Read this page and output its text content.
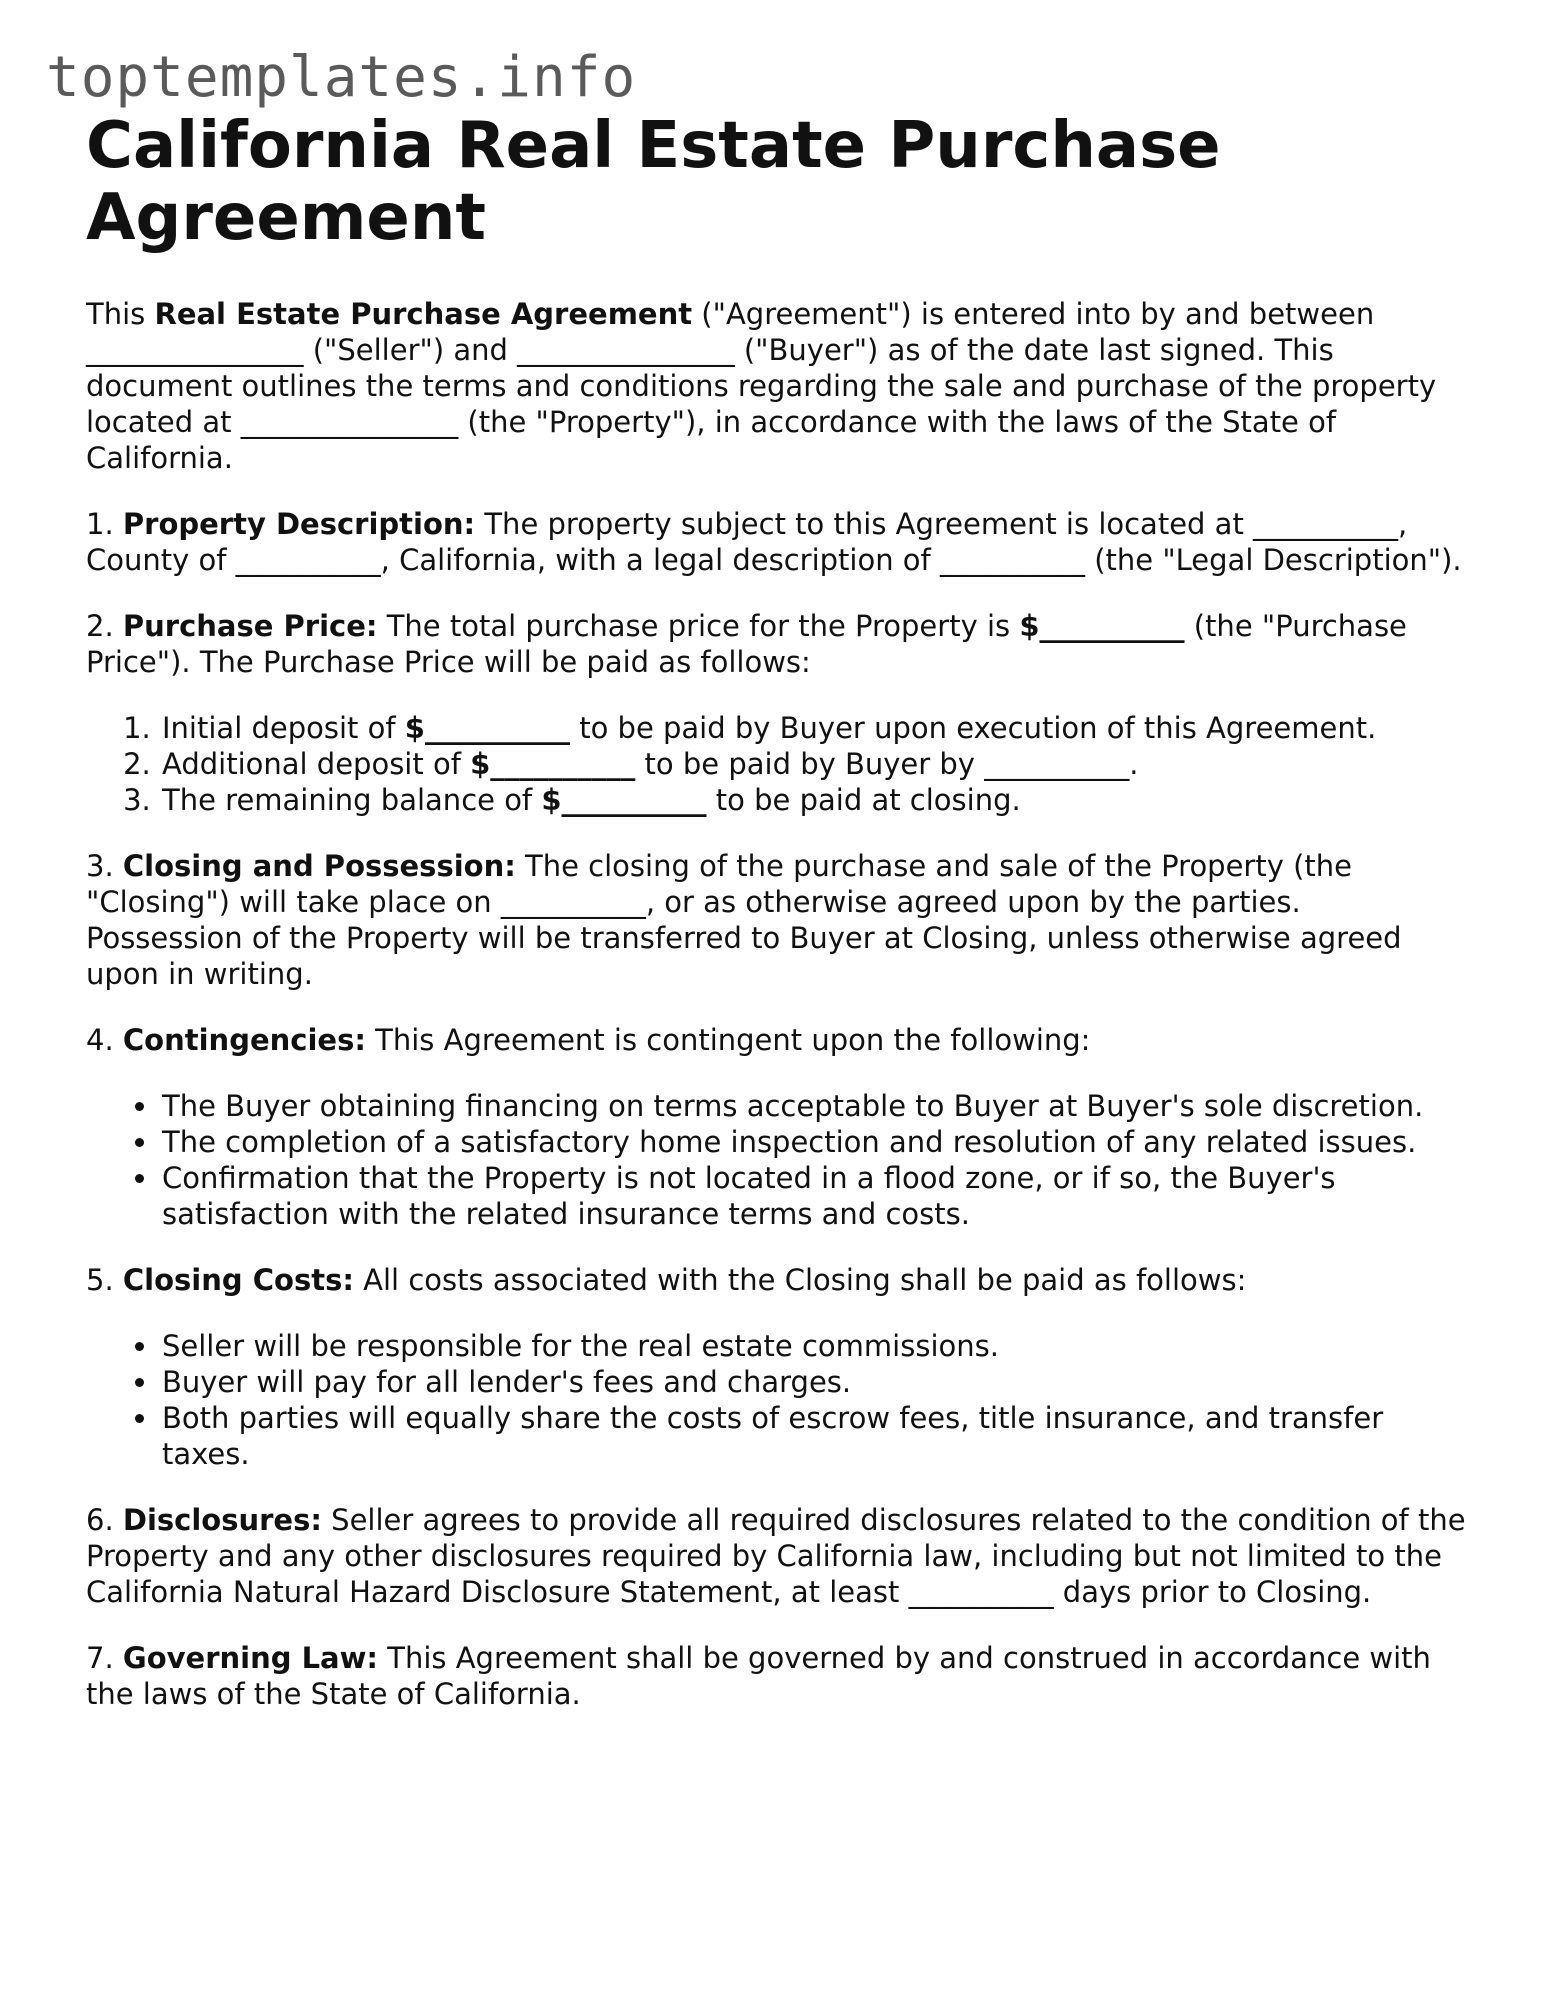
toptemplates.info
California Real Estate Purchase Agreement

This Real Estate Purchase Agreement ("Agreement") is entered into by and between _______________ ("Seller") and _______________ ("Buyer") as of the date last signed. This document outlines the terms and conditions regarding the sale and purchase of the property located at _______________ (the "Property"), in accordance with the laws of the State of California.

1. Property Description: The property subject to this Agreement is located at __________, County of __________, California, with a legal description of __________ (the "Legal Description").

2. Purchase Price: The total purchase price for the Property is $__________ (the "Purchase Price"). The Purchase Price will be paid as follows:

1. Initial deposit of $__________ to be paid by Buyer upon execution of this Agreement.
2. Additional deposit of $__________ to be paid by Buyer by __________.
3. The remaining balance of $__________ to be paid at closing.

3. Closing and Possession: The closing of the purchase and sale of the Property (the "Closing") will take place on __________, or as otherwise agreed upon by the parties. Possession of the Property will be transferred to Buyer at Closing, unless otherwise agreed upon in writing.

4. Contingencies: This Agreement is contingent upon the following:

• The Buyer obtaining financing on terms acceptable to Buyer at Buyer's sole discretion.
• The completion of a satisfactory home inspection and resolution of any related issues.
• Confirmation that the Property is not located in a flood zone, or if so, the Buyer's satisfaction with the related insurance terms and costs.

5. Closing Costs: All costs associated with the Closing shall be paid as follows:

• Seller will be responsible for the real estate commissions.
• Buyer will pay for all lender's fees and charges.
• Both parties will equally share the costs of escrow fees, title insurance, and transfer taxes.

6. Disclosures: Seller agrees to provide all required disclosures related to the condition of the Property and any other disclosures required by California law, including but not limited to the California Natural Hazard Disclosure Statement, at least __________ days prior to Closing.

7. Governing Law: This Agreement shall be governed by and construed in accordance with the laws of the State of California.
